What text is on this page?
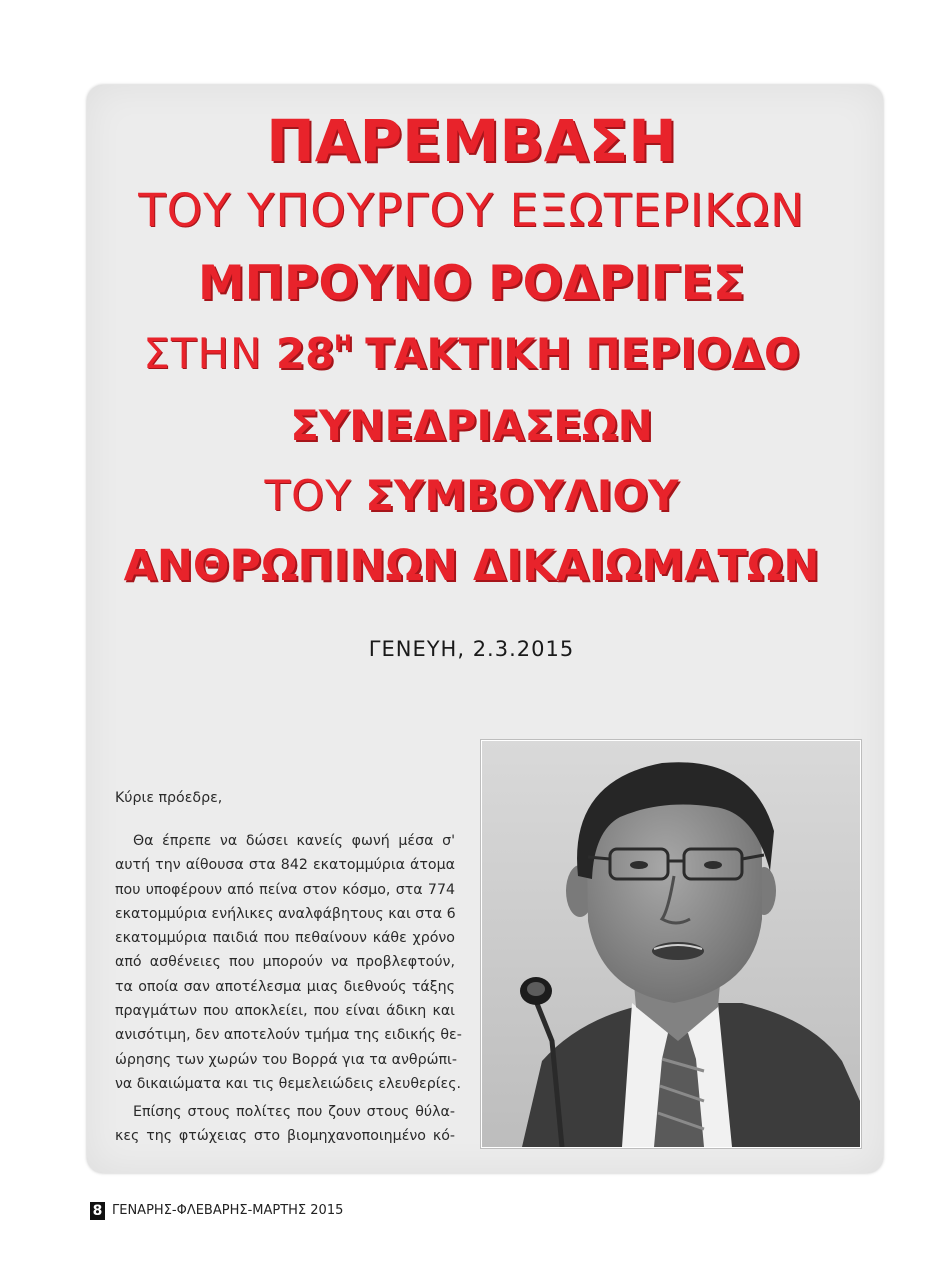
ΠΑΡΕΜΒΑΣΗ
ΤΟΥ ΥΠΟΥΡΓΟΥ ΕΞΩΤΕΡΙΚΩΝ
ΜΠΡΟΥΝΟ ΡΟΔΡΙΓΕΣ
ΣΤΗΝ $28^H$ ΤΑΚΤΙΚΗ ΠΕΡΙΟΔΟ
ΣΥΝΕΔΡΙΑΣΕΩΝ
ΤΟΥ ΣΥΜΒΟΥΛΙΟΥ
ΑΝΘΡΩΠΙΝΩΝ ΔΙΚΑΙΩΜΑΤΩΝ
ΓΕΝΕΥΗ, 2.3.2015

Κύριε πρόεδρε,

Θα έπρεπε να δώσει κανείς φωνή μέσα σ'
αυτή την αίθουσα στα 842 εκατομμύρια άτομα
που υποφέρουν από πείνα στον κόσμο, στα 774
εκατομμύρια ενήλικες αναλφάβητους και στα 6
εκατομμύρια παιδιά που πεθαίνουν κάθε χρόνο
από ασθένειες που μπορούν να προβλεφτούν,
τα οποία σαν αποτέλεσμα μιας διεθνούς τάξης
πραγμάτων που αποκλείει, που είναι άδικη και
ανισότιμη, δεν αποτελούν τμήμα της ειδικής θε-
ώρησης των χωρών του Βορρά για τα ανθρώπι-
να δικαιώματα και τις θεμελειώδεις ελευθερίες.

Επίσης στους πολίτες που ζουν στους θύλα-
κες της φτώχειας στο βιομηχανοποιημένο κό-

8 ΓΕΝΑΡΗΣ-ΦΛΕΒΑΡΗΣ-ΜΑΡΤΗΣ 2015
